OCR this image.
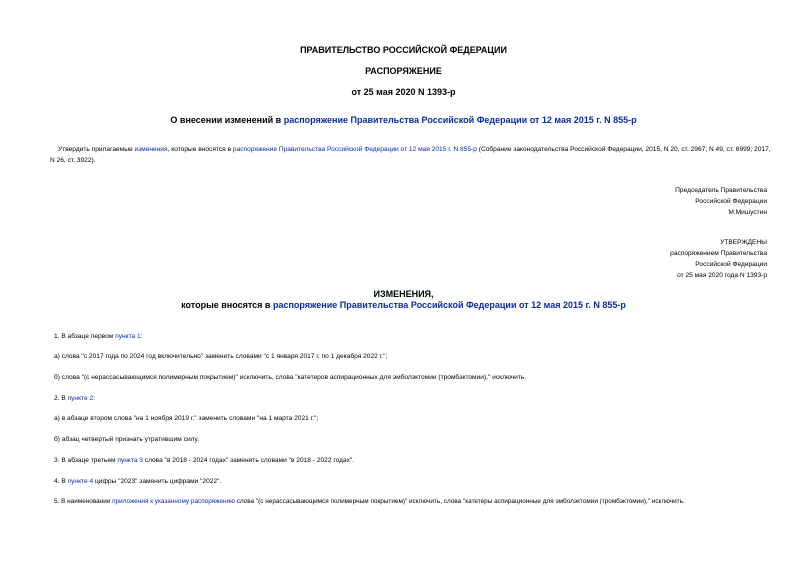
ПРАВИТЕЛЬСТВО РОССИЙСКОЙ ФЕДЕРАЦИИ
РАСПОРЯЖЕНИЕ
от 25 мая 2020 N 1393-р
О внесении изменений в распоряжение Правительства Российской Федерации от 12 мая 2015 г. N 855-р
Утвердить прилагаемые изменения, которые вносятся в распоряжение Правительства Российской Федерации от 12 мая 2015 г. N 855-р (Собрание законодательства Российской Федерации, 2015, N 20, ст. 2967; N 49, ст. 6999; 2017, N 26, ст. 3922).
Председатель Правительства
Российской Федерации
М.Мишустин
УТВЕРЖДЕНЫ
распоряжением Правительства
Российской Федерации
от 25 мая 2020 года N 1393-р
ИЗМЕНЕНИЯ,
которые вносятся в распоряжение Правительства Российской Федерации от 12 мая 2015 г. N 855-р
1. В абзаце первом пункта 1:
а) слова "с 2017 года по 2024 год включительно" заменить словами "с 1 января 2017 г. по 1 декабря 2022 г.";
б) слова "(с нерассасывающимся полимерным покрытием)" исключить, слова "катетеров аспирационных для эмболэктомии (тромбэктомии)," исключить.
2. В пункте 2:
а) в абзаце втором слова "на 1 ноября 2019 г." заменить словами "на 1 марта 2021 г.";
б) абзац четвертый признать утратившим силу.
3. В абзаце третьем пункта 3 слова "в 2018 - 2024 годах" заменить словами "в 2018 - 2022 годах".
4. В пункте 4 цифры "2023" заменить цифрами "2022".
5. В наименовании приложения к указанному распоряжению слова "(с нерассасывающимся полимерным покрытием)" исключить, слова "катетеры аспирационные для эмболэктомии (тромбэктомии)," исключить.
